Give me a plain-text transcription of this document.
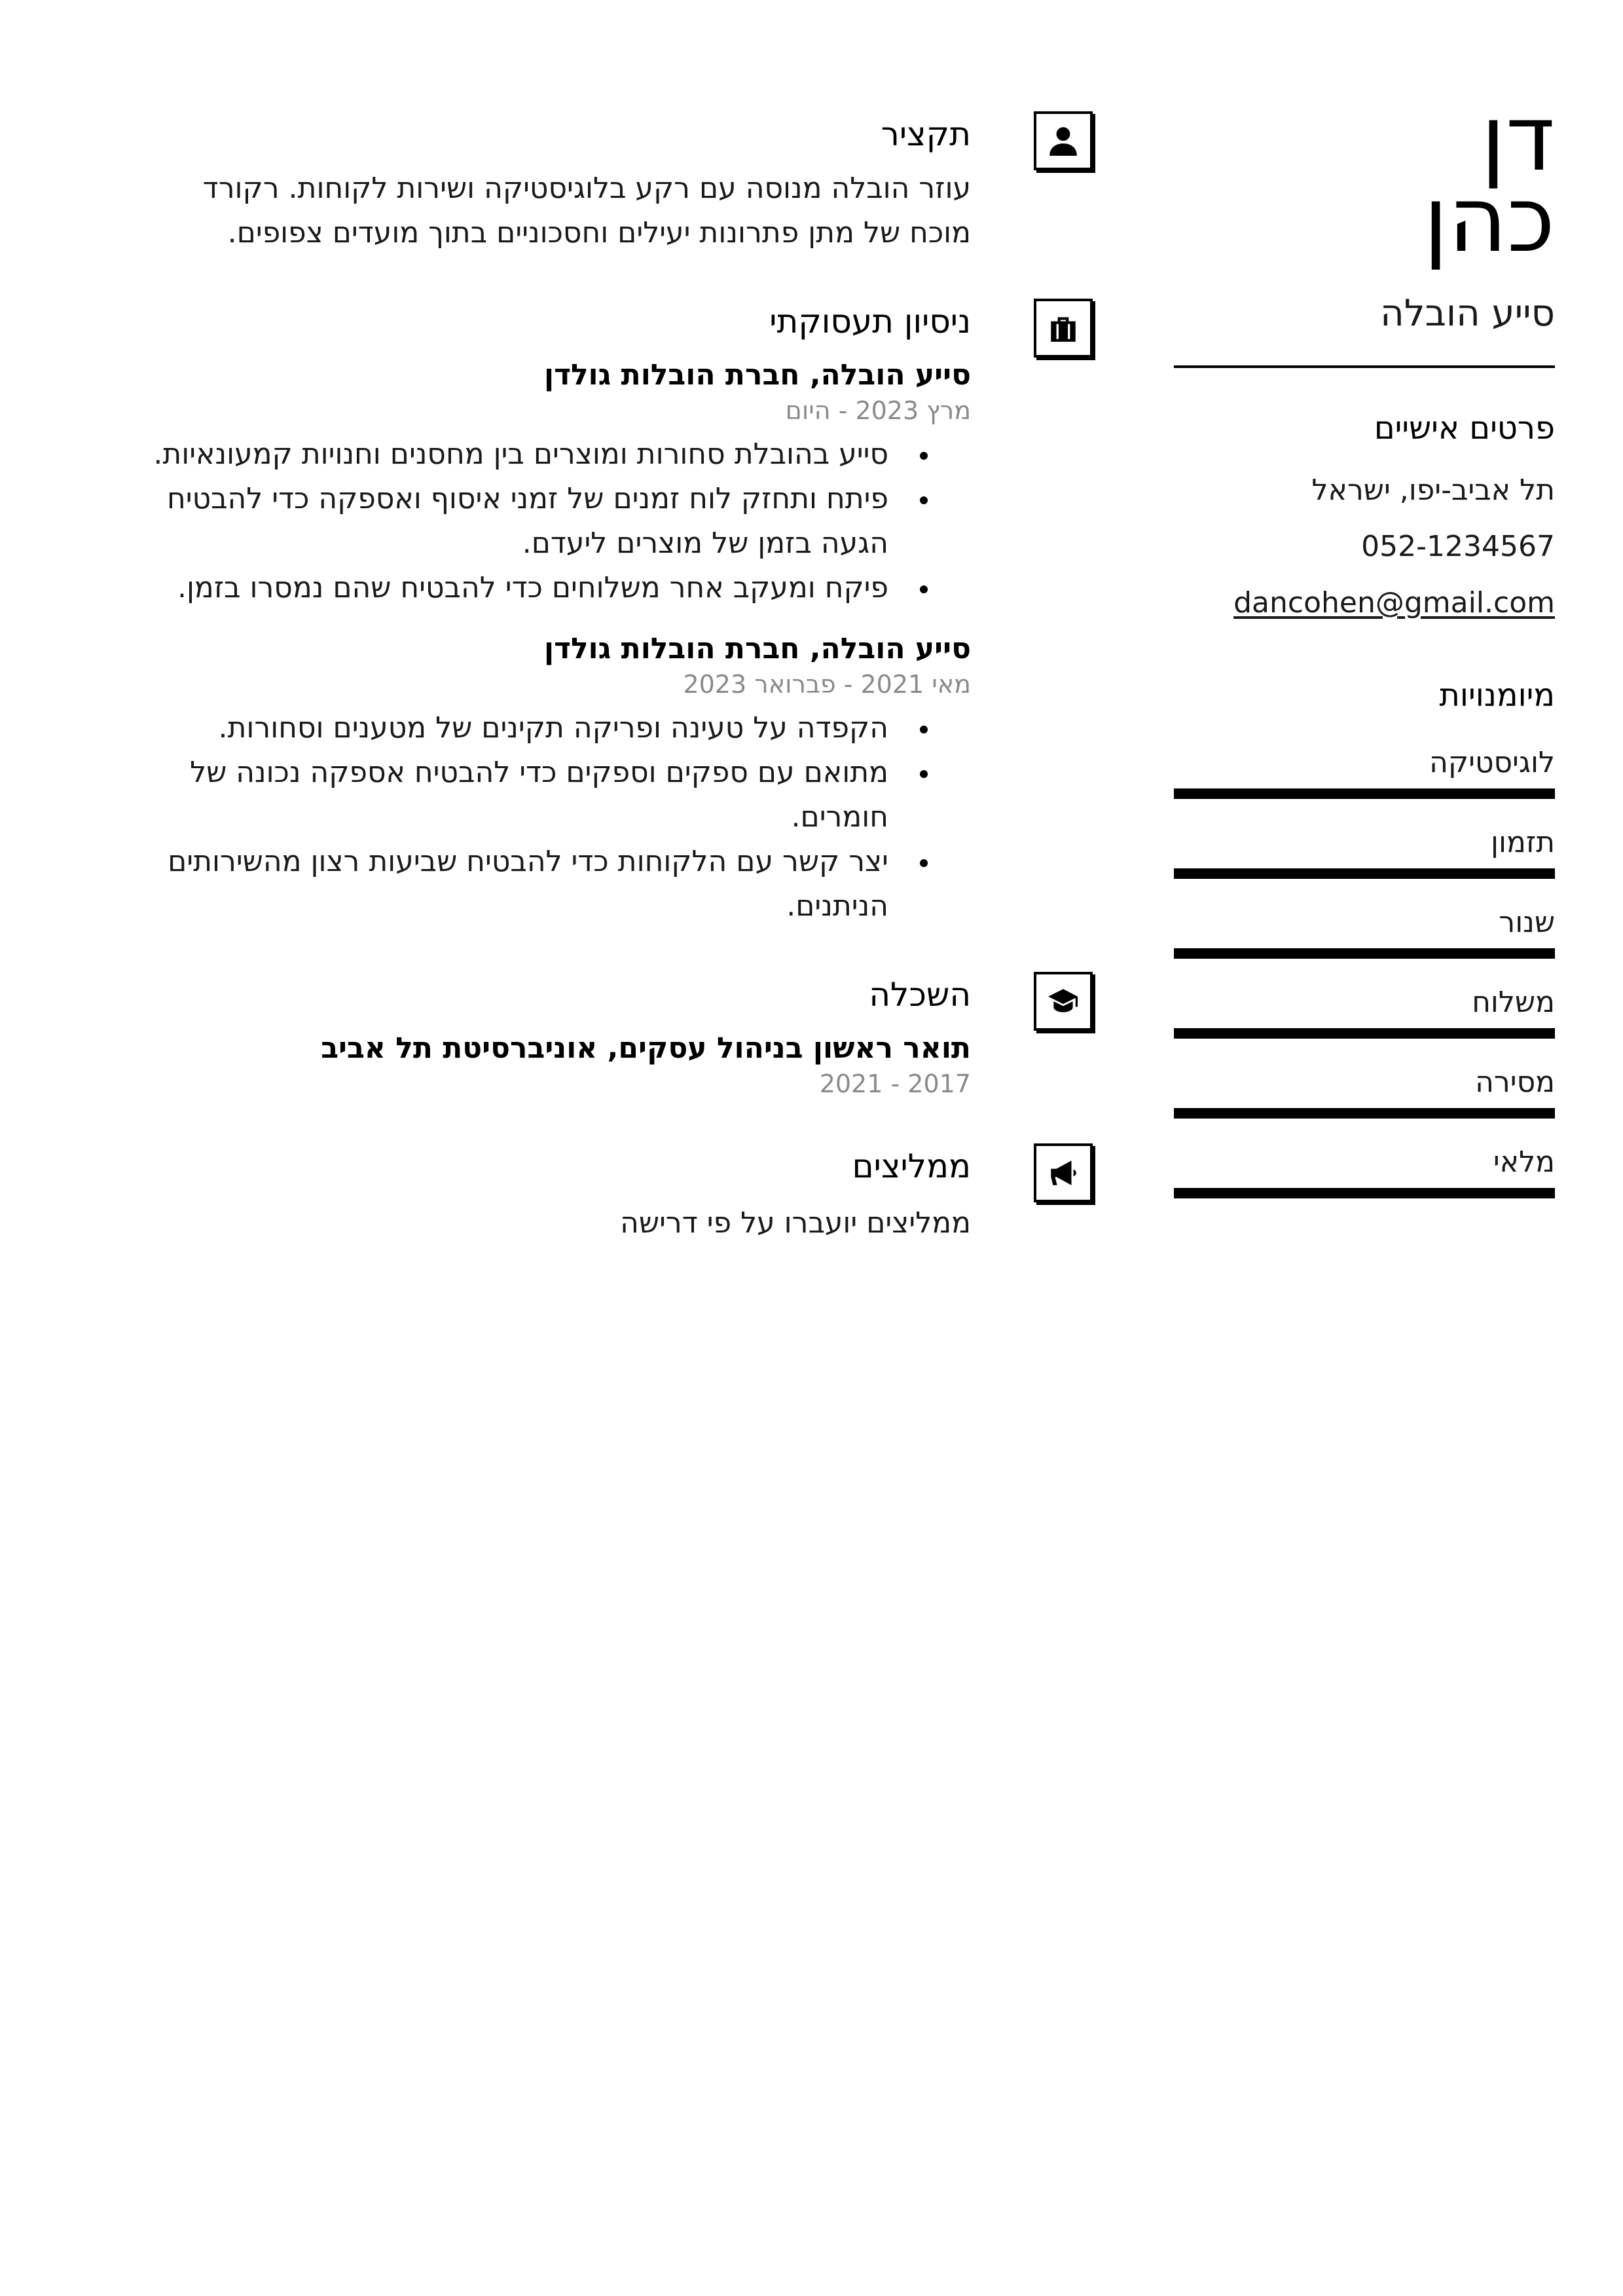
דן
כהן
סייע הובלה
פרטים אישיים
תל אביב-יפו, ישראל
052-1234567
dancohen@gmail.com
מיומנויות
לוגיסטיקה
תזמון
שנור
משלוח
מסירה
מלאי
תקציר
עוזר הובלה מנוסה עם רקע בלוגיסטיקה ושירות לקוחות. רקורד מוכח של מתן פתרונות יעילים וחסכוניים בתוך מועדים צפופים.
ניסיון תעסוקתי
סייע הובלה, חברת הובלות גולדן
מרץ 2023 - היום
סייע בהובלת סחורות ומוצרים בין מחסנים וחנויות קמעונאיות.
פיתח ותחזק לוח זמנים של זמני איסוף ואספקה כדי להבטיח הגעה בזמן של מוצרים ליעדם.
פיקח ומעקב אחר משלוחים כדי להבטיח שהם נמסרו בזמן.
סייע הובלה, חברת הובלות גולדן
מאי 2021 - פברואר 2023
הקפדה על טעינה ופריקה תקינים של מטענים וסחורות.
מתואם עם ספקים וספקים כדי להבטיח אספקה נכונה של חומרים.
יצר קשר עם הלקוחות כדי להבטיח שביעות רצון מהשירותים הניתנים.
השכלה
תואר ראשון בניהול עסקים, אוניברסיטת תל אביב
2017 - 2021
ממליצים
ממליצים יועברו על פי דרישה
